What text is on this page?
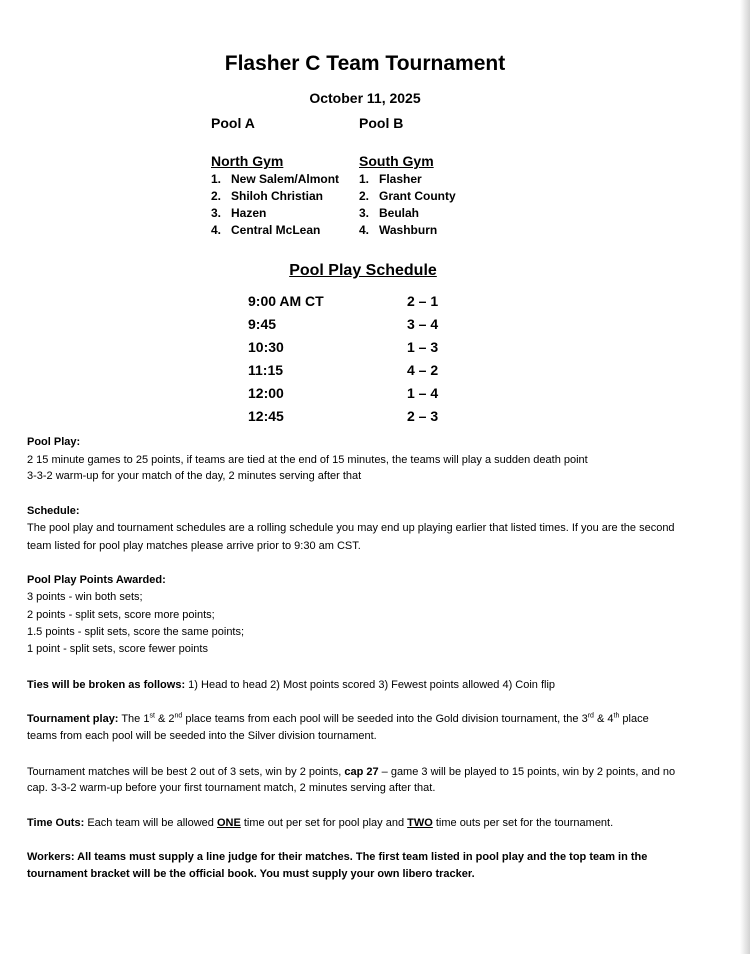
Flasher C Team Tournament
October 11, 2025
Pool A	Pool B
North Gym	South Gym
1. New Salem/Almont
2. Shiloh Christian
3. Hazen
4. Central McLean
1. Flasher
2. Grant County
3. Beulah
4. Washburn
Pool Play Schedule
9:00 AM CT	2 – 1
9:45	3 – 4
10:30	1 – 3
11:15	4 – 2
12:00	1 – 4
12:45	2 – 3
Pool Play:
2 15 minute games to 25 points, if teams are tied at the end of 15 minutes, the teams will play a sudden death point
3-3-2 warm-up for your match of the day, 2 minutes serving after that
Schedule:
The pool play and tournament schedules are a rolling schedule you may end up playing earlier that listed times. If you are the second
team listed for pool play matches please arrive prior to 9:30 am CST.
Pool Play Points Awarded:
3 points - win both sets;
2 points - split sets, score more points;
1.5 points - split sets, score the same points;
1 point - split sets, score fewer points
Ties will be broken as follows: 1) Head to head 2) Most points scored 3) Fewest points allowed 4) Coin flip
Tournament play: The 1st & 2nd place teams from each pool will be seeded into the Gold division tournament, the 3rd & 4th place
teams from each pool will be seeded into the Silver division tournament.
Tournament matches will be best 2 out of 3 sets, win by 2 points, cap 27 – game 3 will be played to 15 points, win by 2 points, and no
cap. 3-3-2 warm-up before your first tournament match, 2 minutes serving after that.
Time Outs: Each team will be allowed ONE time out per set for pool play and TWO time outs per set for the tournament.
Workers: All teams must supply a line judge for their matches. The first team listed in pool play and the top team in the
tournament bracket will be the official book. You must supply your own libero tracker.
